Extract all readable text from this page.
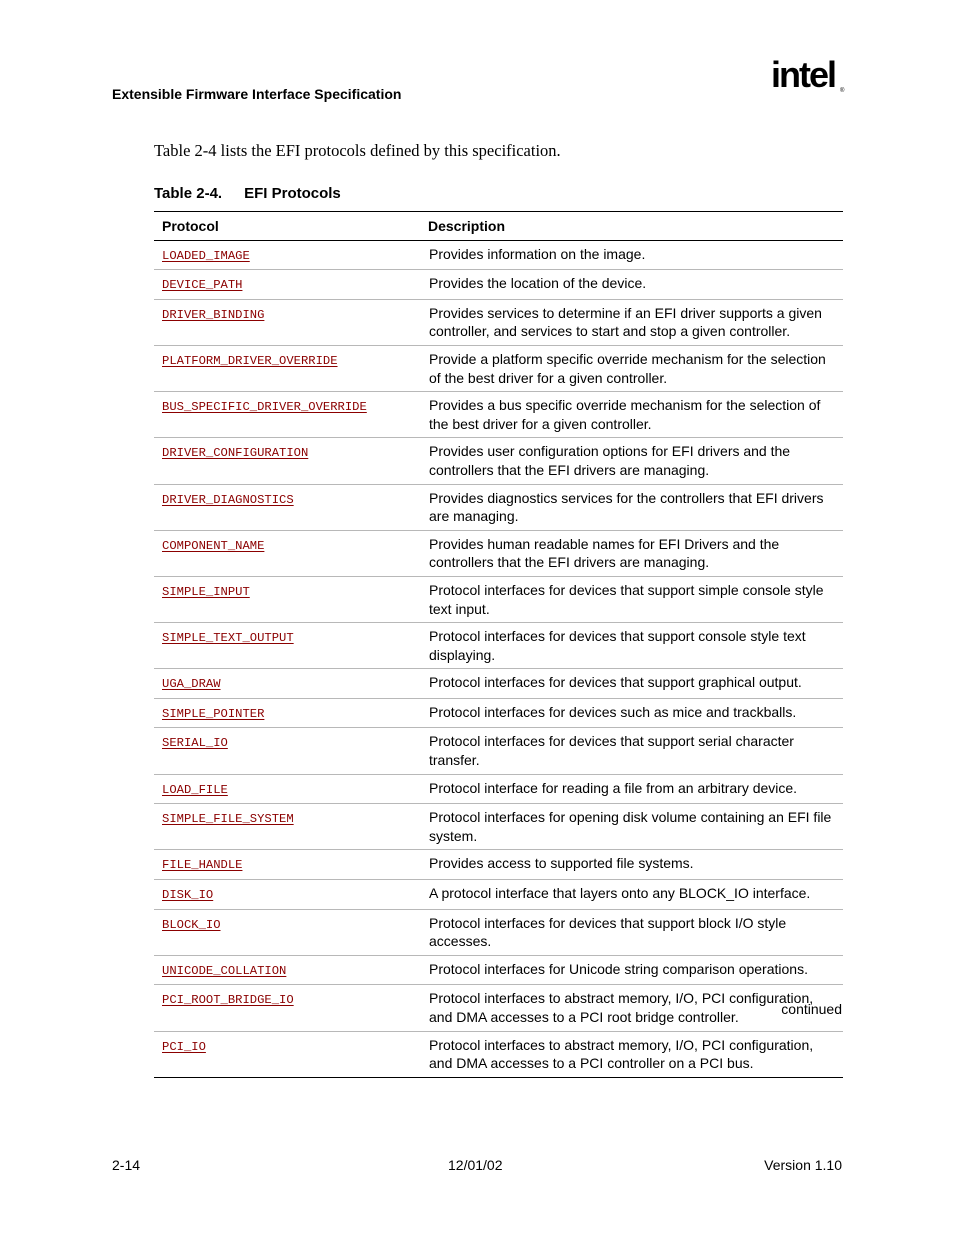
Extensible Firmware Interface Specification	intel ®
Table 2-4 lists the EFI protocols defined by this specification.
Table 2-4. EFI Protocols
Protocol	Description
LOADED_IMAGE	Provides information on the image.
DEVICE_PATH	Provides the location of the device.
DRIVER_BINDING	Provides services to determine if an EFI driver supports a given controller, and services to start and stop a given controller.
PLATFORM_DRIVER_OVERRIDE	Provide a platform specific override mechanism for the selection of the best driver for a given controller.
BUS_SPECIFIC_DRIVER_OVERRIDE	Provides a bus specific override mechanism for the selection of the best driver for a given controller.
DRIVER_CONFIGURATION	Provides user configuration options for EFI drivers and the controllers that the EFI drivers are managing.
DRIVER_DIAGNOSTICS	Provides diagnostics services for the controllers that EFI drivers are managing.
COMPONENT_NAME	Provides human readable names for EFI Drivers and the controllers that the EFI drivers are managing.
SIMPLE_INPUT	Protocol interfaces for devices that support simple console style text input.
SIMPLE_TEXT_OUTPUT	Protocol interfaces for devices that support console style text displaying.
UGA_DRAW	Protocol interfaces for devices that support graphical output.
SIMPLE_POINTER	Protocol interfaces for devices such as mice and trackballs.
SERIAL_IO	Protocol interfaces for devices that support serial character transfer.
LOAD_FILE	Protocol interface for reading a file from an arbitrary device.
SIMPLE_FILE_SYSTEM	Protocol interfaces for opening disk volume containing an EFI file system.
FILE_HANDLE	Provides access to supported file systems.
DISK_IO	A protocol interface that layers onto any BLOCK_IO interface.
BLOCK_IO	Protocol interfaces for devices that support block I/O style accesses.
UNICODE_COLLATION	Protocol interfaces for Unicode string comparison operations.
PCI_ROOT_BRIDGE_IO	Protocol interfaces to abstract memory, I/O, PCI configuration, and DMA accesses to a PCI root bridge controller.
PCI_IO	Protocol interfaces to abstract memory, I/O, PCI configuration, and DMA accesses to a PCI controller on a PCI bus.
continued
2-14	12/01/02	Version 1.10
